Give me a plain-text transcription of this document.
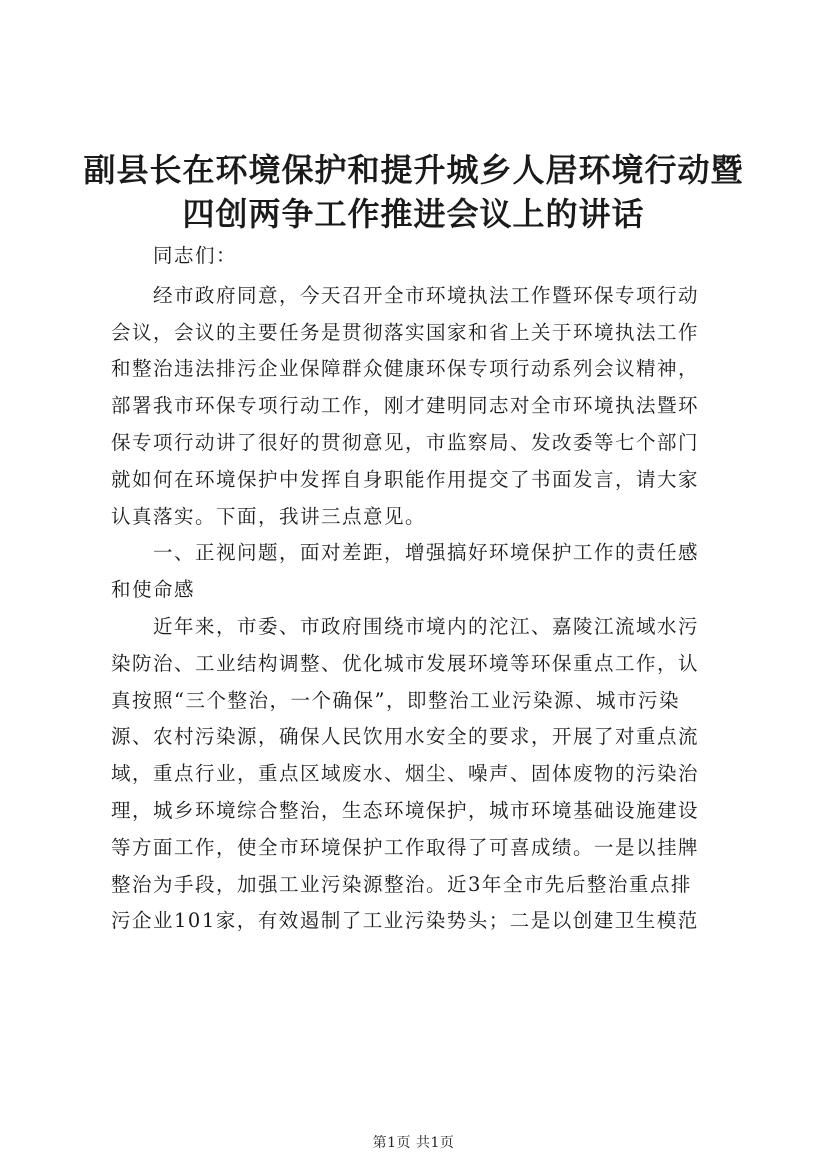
副县长在环境保护和提升城乡人居环境行动暨
四创两争工作推进会议上的讲话
同志们：
经市政府同意，今天召开全市环境执法工作暨环保专项行动
会议，会议的主要任务是贯彻落实国家和省上关于环境执法工作
和整治违法排污企业保障群众健康环保专项行动系列会议精神，
部署我市环保专项行动工作，刚才建明同志对全市环境执法暨环
保专项行动讲了很好的贯彻意见，市监察局、发改委等七个部门
就如何在环境保护中发挥自身职能作用提交了书面发言，请大家
认真落实。下面，我讲三点意见。
一、正视问题，面对差距，增强搞好环境保护工作的责任感
和使命感
近年来，市委、市政府围绕市境内的沱江、嘉陵江流域水污
染防治、工业结构调整、优化城市发展环境等环保重点工作，认
真按照“三个整治，一个确保”，即整治工业污染源、城市污染
源、农村污染源，确保人民饮用水安全的要求，开展了对重点流
域，重点行业，重点区域废水、烟尘、噪声、固体废物的污染治
理，城乡环境综合整治，生态环境保护，城市环境基础设施建设
等方面工作，使全市环境保护工作取得了可喜成绩。一是以挂牌
整治为手段，加强工业污染源整治。近3年全市先后整治重点排
污企业101家，有效遏制了工业污染势头；二是以创建卫生模范
第1页 共1页
